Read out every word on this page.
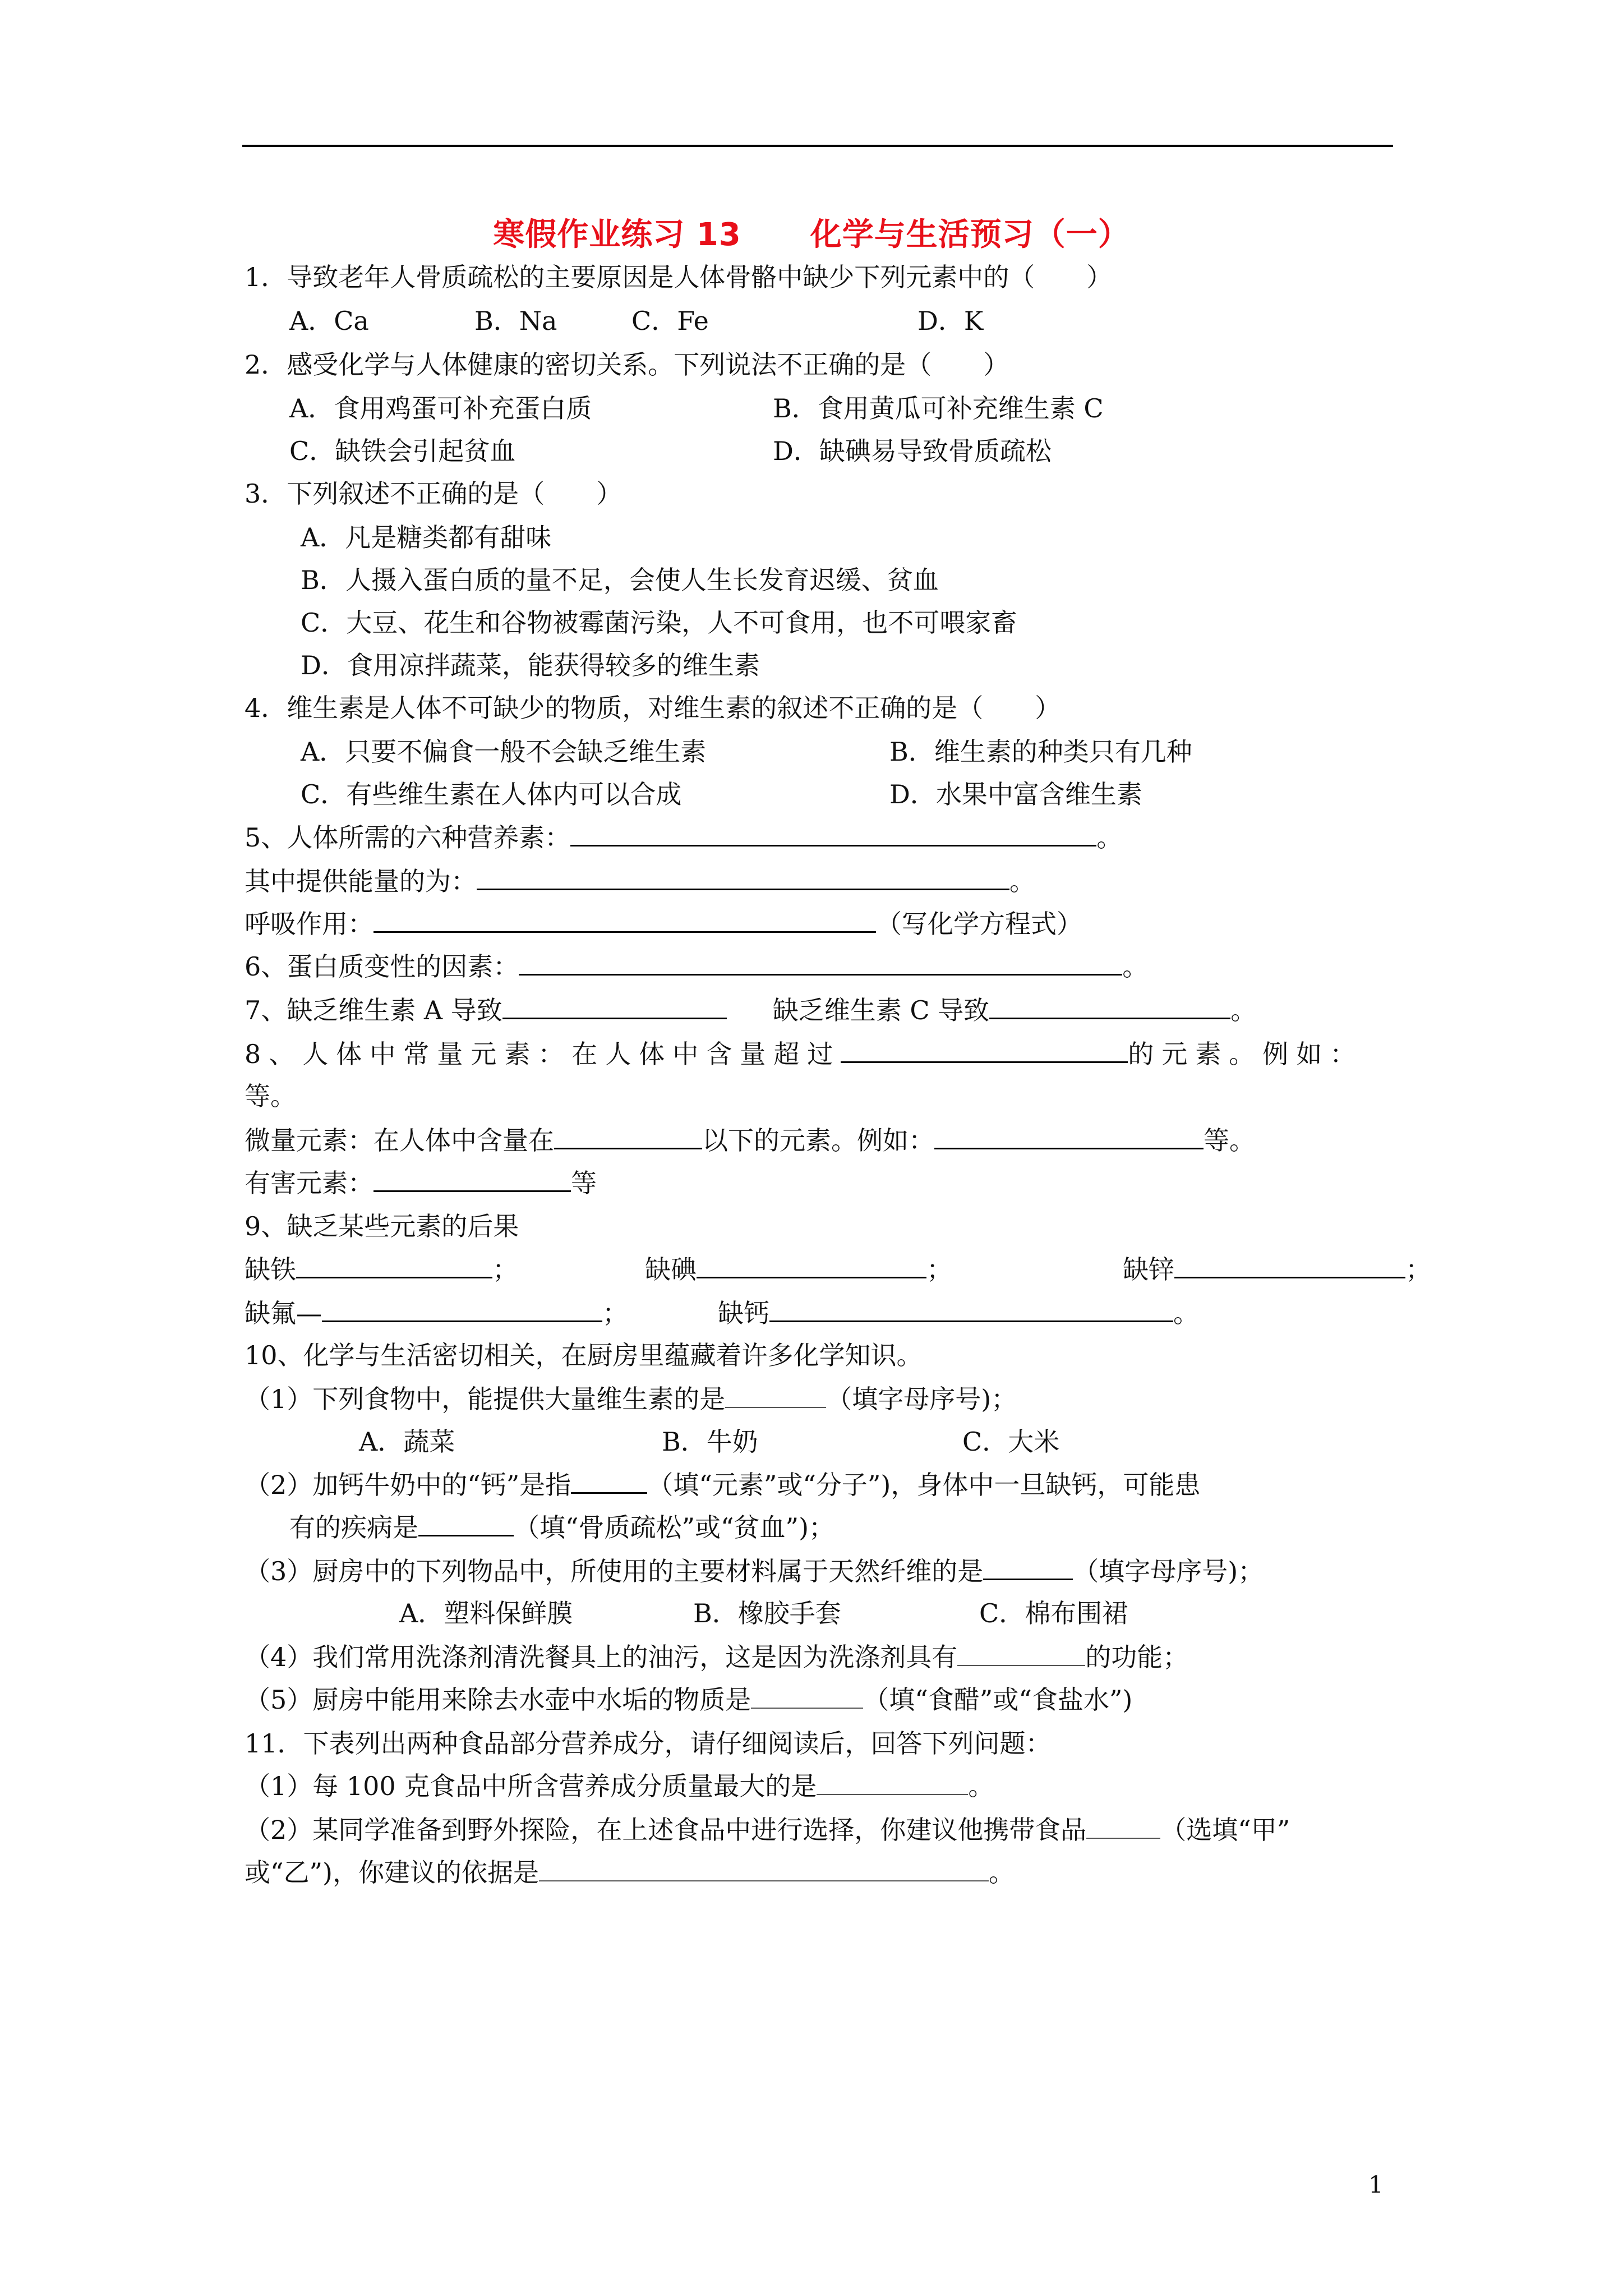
寒假作业练习 13      化学与生活预习（一）
1．导致老年人骨质疏松的主要原因是人体骨骼中缺少下列元素中的（　　）
A．Ca	B．Na	C．Fe	D．K
2．感受化学与人体健康的密切关系。下列说法不正确的是（　　）
A．食用鸡蛋可补充蛋白质	B．食用黄瓜可补充维生素 C
C．缺铁会引起贫血	D．缺碘易导致骨质疏松
3．下列叙述不正确的是（　　）
A．凡是糖类都有甜味
B．人摄入蛋白质的量不足，会使人生长发育迟缓、贫血
C．大豆、花生和谷物被霉菌污染，人不可食用，也不可喂家畜
D．食用凉拌蔬菜，能获得较多的维生素
4．维生素是人体不可缺少的物质，对维生素的叙述不正确的是（　　）
A．只要不偏食一般不会缺乏维生素	B．维生素的种类只有几种
C．有些维生素在人体内可以合成	D．水果中富含维生素
5、人体所需的六种营养素：	。
其中提供能量的为：	。
呼吸作用：	（写化学方程式）
6、蛋白质变性的因素：	。
7、缺乏维生素 A 导致	缺乏维生素 C 导致	。
8、人体中常量元素：在人体中含量超过	的元素。例如：
等。
微量元素：在人体中含量在	以下的元素。例如：	等。
有害元素：	等
9、缺乏某些元素的后果
缺铁	；	缺碘	；	缺锌	；
缺氟—	；	缺钙	。
10、化学与生活密切相关，在厨房里蕴藏着许多化学知识。
（1）下列食物中，能提供大量维生素的是	（填字母序号)；
A．蔬菜	B．牛奶	C．大米
（2）加钙牛奶中的“钙”是指	（填“元素”或“分子”)，身体中一旦缺钙，可能患
有的疾病是	（填“骨质疏松”或“贫血”)；
（3）厨房中的下列物品中，所使用的主要材料属于天然纤维的是	（填字母序号)；
A．塑料保鲜膜	B．橡胶手套	C．棉布围裙
（4）我们常用洗涤剂清洗餐具上的油污，这是因为洗涤剂具有	的功能；
（5）厨房中能用来除去水壶中水垢的物质是	（填“食醋”或“食盐水”)
11．下表列出两种食品部分营养成分，请仔细阅读后，回答下列问题：
（1）每 100 克食品中所含营养成分质量最大的是	。
（2）某同学准备到野外探险，在上述食品中进行选择，你建议他携带食品	（选填“甲”
或“乙”)，你建议的依据是	。
1
